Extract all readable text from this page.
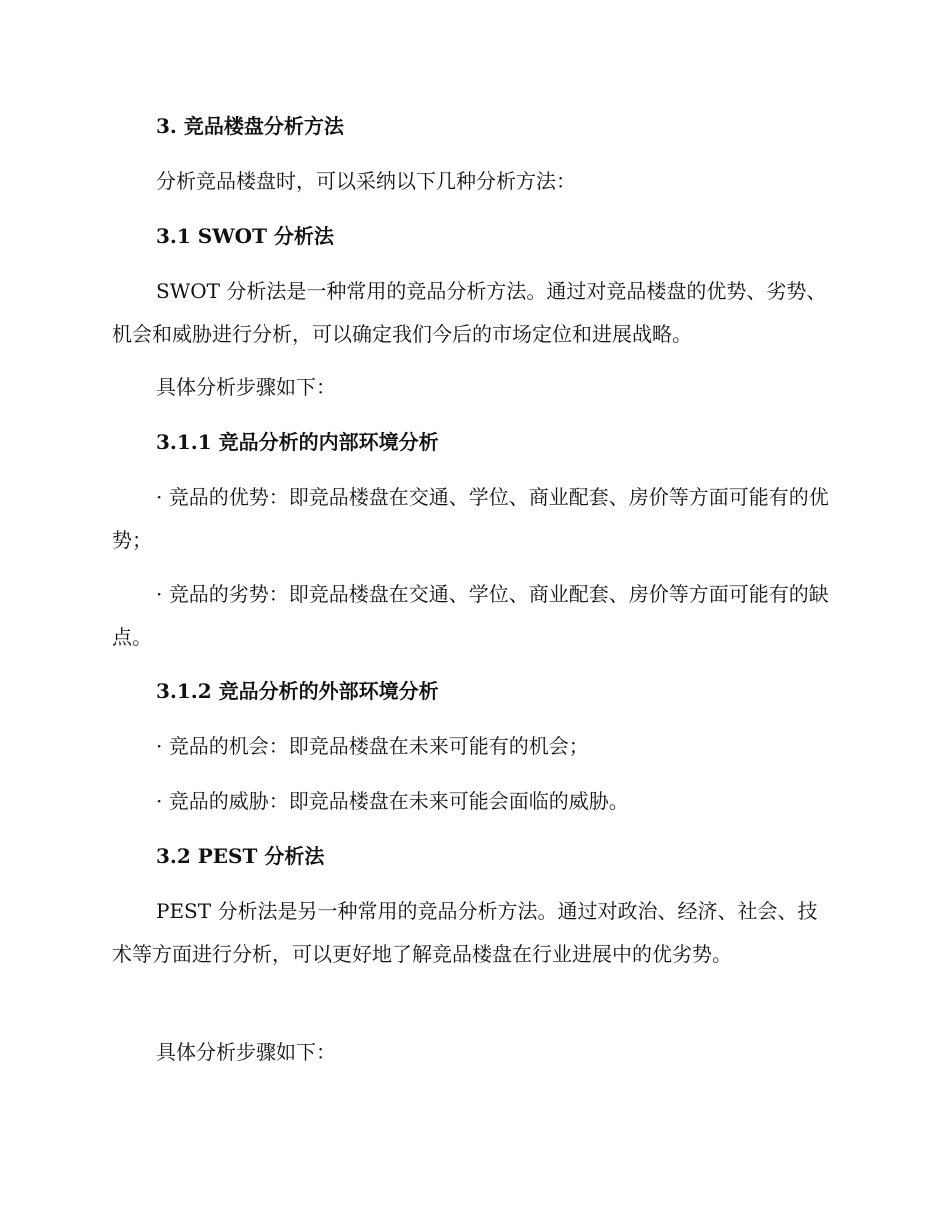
3. 竞品楼盘分析方法

分析竞品楼盘时，可以采纳以下几种分析方法：

3.1 SWOT 分析法

SWOT 分析法是一种常用的竞品分析方法。通过对竞品楼盘的优势、劣势、机会和威胁进行分析，可以确定我们今后的市场定位和进展战略。

具体分析步骤如下：

3.1.1 竞品分析的内部环境分析

· 竞品的优势：即竞品楼盘在交通、学位、商业配套、房价等方面可能有的优势；

· 竞品的劣势：即竞品楼盘在交通、学位、商业配套、房价等方面可能有的缺点。

3.1.2 竞品分析的外部环境分析

· 竞品的机会：即竞品楼盘在未来可能有的机会；

· 竞品的威胁：即竞品楼盘在未来可能会面临的威胁。

3.2 PEST 分析法

PEST 分析法是另一种常用的竞品分析方法。通过对政治、经济、社会、技术等方面进行分析，可以更好地了解竞品楼盘在行业进展中的优劣势。

具体分析步骤如下：
